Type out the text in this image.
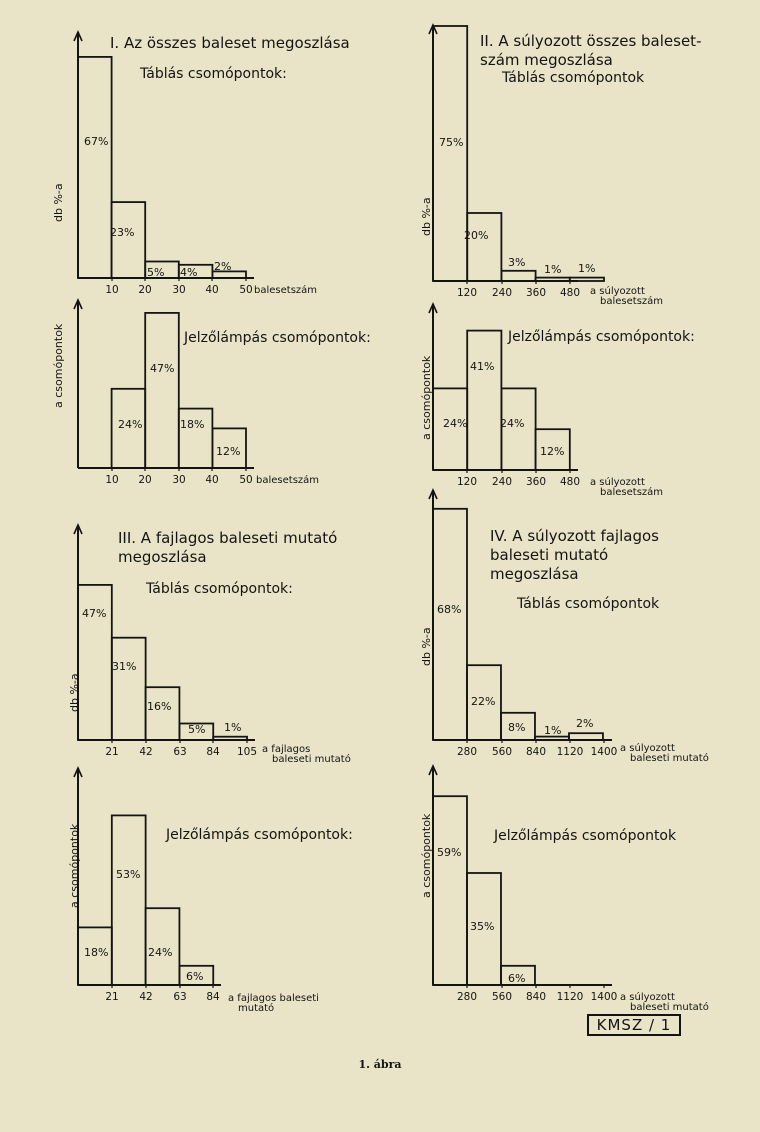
10 20 30 40 50
67%
23%
5% 4% 2%
I. Az összes baleset megoszlása
Táblás csomópontok:
db %-a
balesetszám
10 20 30 40 50
24%
47%
18%
12%
Jelzőlámpás csomópontok:
a csomópontok
balesetszám
120 240 360 480
75%
20%
3%
1% 1%
II. A súlyozott összes baleset-
szám megoszlása
Táblás csomópontok
db %-a
a súlyozott
balesetszám
120 240 360 480
24%
41%
24%
12%
Jelzőlámpás csomópontok:
a csomópontok
a súlyozott
balesetszám
21 42 63 84 105
47%
31%
16%
5% 1%
III. A fajlagos baleseti mutató
megoszlása
Táblás csomópontok:
db %-a
a fajlagos
baleseti mutató
21 42 63 84
18%
53%
24%
6%
Jelzőlámpás csomópontok:
a csomópontok
a fajlagos baleseti
mutató
280 560 840 1120 1400
68%
22%
8% 1%
2%
IV. A súlyozott fajlagos
baleseti mutató
megoszlása
Táblás csomópontok
db %-a
a súlyozott
baleseti mutató
280 560 840 1120 1400
59%
35%
6%
Jelzőlámpás csomópontok
a csomópontok
a súlyozott
baleseti mutató
KMSZ / 1
1. ábra
